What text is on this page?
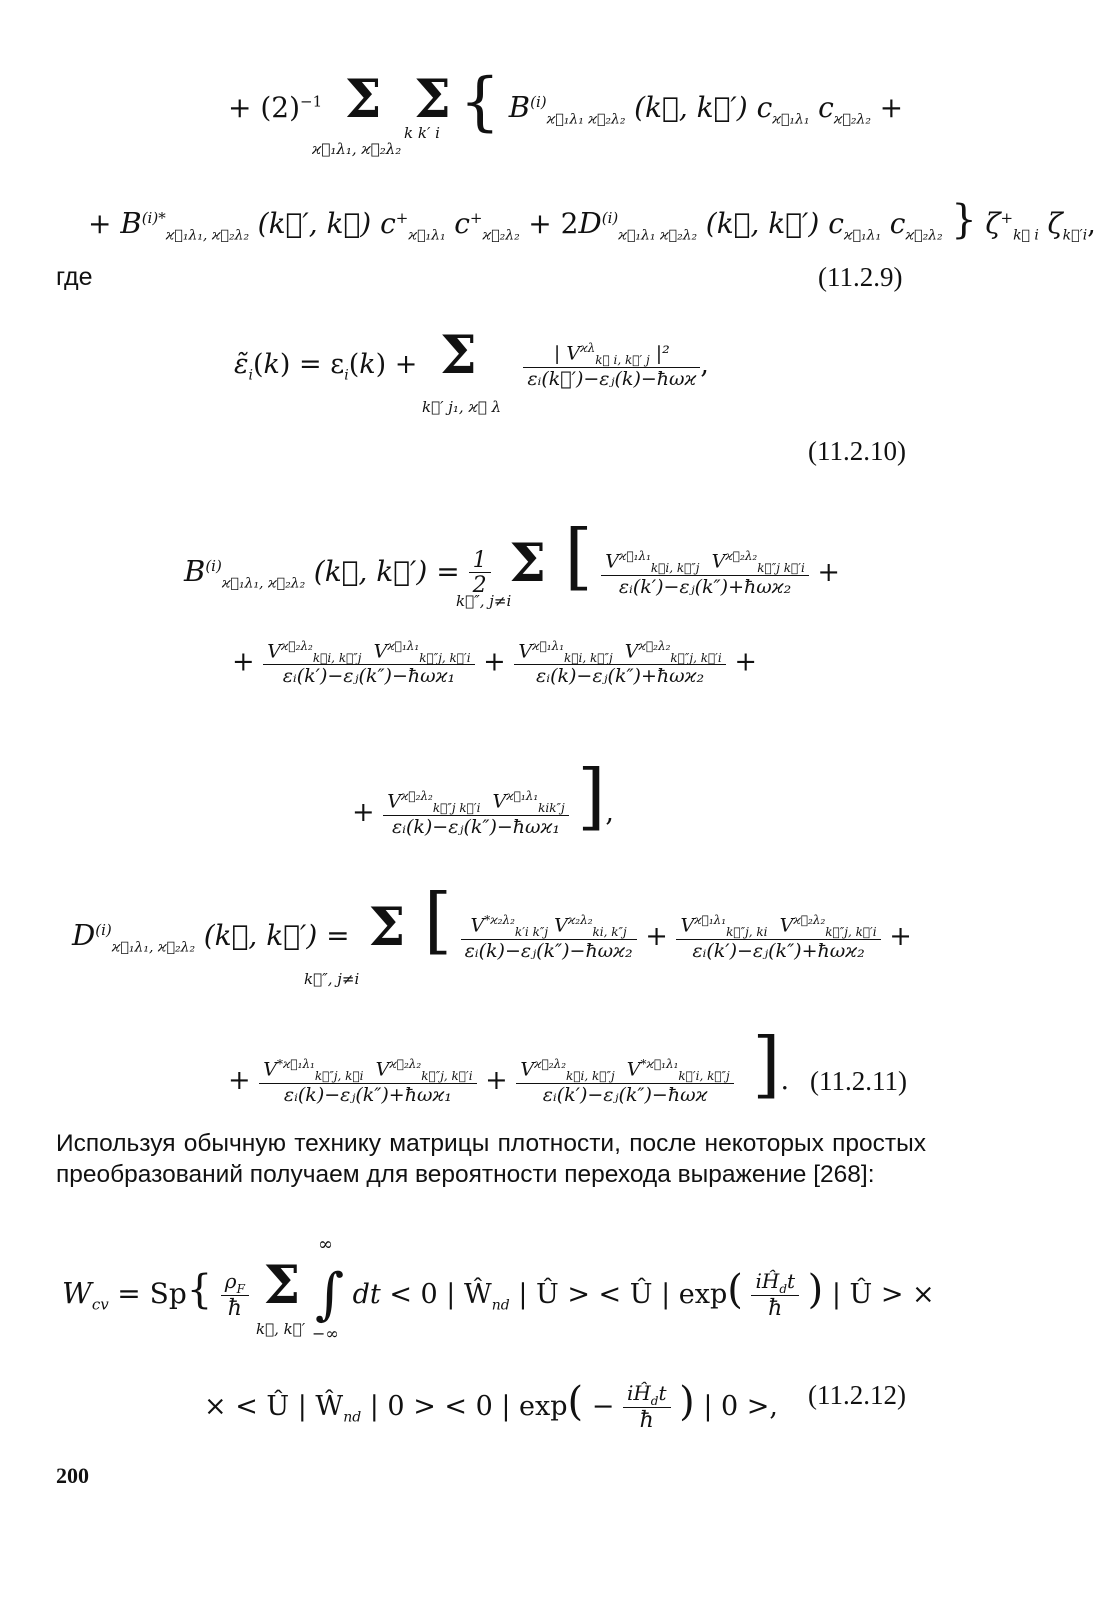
+ $(2)^{-1}$ Σ Σ { $B^{(i)}_{ϰ⃗_1\lambda_1 ϰ⃗_2\lambda_2}$ (k⃗, k⃗′) $c_{ϰ⃗_1\lambda_1}$ $c_{ϰ⃗_2\lambda_2}$ +
ϰ⃗₁λ₁, ϰ⃗₂λ₂
k k′ i
+ $B^{(i)*}_{ϰ⃗_1\lambda_1, ϰ⃗_2\lambda_2}$ (k⃗′, k⃗) $c^+_{ϰ⃗_1\lambda_1}$ $c^+_{ϰ⃗_2\lambda_2} + 2D^{(i)}_{ϰ⃗_1\lambda_1 ϰ⃗_2\lambda_2}$ (k⃗, k⃗′) $c_{ϰ⃗_1\lambda_1}$ $c_{ϰ⃗_2\lambda_2}$ } $\zeta^+_{k⃗ i}$ $\zeta_{k⃗'i}$,
где	(11.2.9)
$\varepsiloñ_i(k) = \varepsilon_i(k) + \Sigma \frac{| V^{ϰ\lambda}_{k⃗ i, k⃗' j} |^2}{\text{εᵢ(k⃗′)−εⱼ(k)−ħωϰ}}$ ,
k⃗′ j₁, ϰ⃗ λ
(11.2.10)
$B^{(i)}_{ϰ⃗_1\lambda_1, ϰ⃗_2\lambda_2}$ (k⃗, k⃗′) = $\frac{1}{2}$ Σ [ $\frac{V^{ϰ⃗_1\lambda_1}_{k⃗i, k⃗''j} V^{ϰ⃗_2\lambda_2}_{k⃗''j k⃗'i}}{\text{εᵢ(k′)−εⱼ(k″)+ħωϰ₂}}$ +
k⃗″, j≠i
+ $\frac{V^{ϰ⃗_2\lambda_2}_{k⃗i, k⃗''j} V^{ϰ⃗_1\lambda_1}_{k⃗''j, k⃗'i}}{\text{εᵢ(k′)−εⱼ(k″)−ħωϰ₁}} + \frac{V^{ϰ⃗_1\lambda_1}_{k⃗i, k⃗''j} V^{ϰ⃗_2\lambda_2}_{k⃗''j, k⃗'i}}{\text{εᵢ(k)−εⱼ(k″)+ħωϰ₂}}$ +
+ $\frac{V^{ϰ⃗_2\lambda_2}_{k⃗''j k⃗'i} V^{ϰ⃗_1\lambda_1}_{kik''j}}{\text{εᵢ(k)−εⱼ(k″)−ħωϰ₁}}$ ],
$D^{(i)}_{ϰ⃗_1\lambda_1, ϰ⃗_2\lambda_2}$ (k⃗, k⃗′) = Σ [ $\frac{V^{*ϰ_2\lambda_2}_{k'i k''j} V^{ϰ_2\lambda_2}_{ki, k''j}}{\text{εᵢ(k)−εⱼ(k″)−ħωϰ₂}} + \frac{V^{ϰ⃗_1\lambda_1}_{k⃗''j, ki} V^{ϰ⃗_2\lambda_2}_{k⃗''j, k⃗'i}}{\text{εᵢ(k′)−εⱼ(k″)+ħωϰ₂}}$ +
k⃗″, j≠i
+ $\frac{V^{*ϰ⃗_1\lambda_1}_{k⃗''j, k⃗i} V^{ϰ⃗_2\lambda_2}_{k⃗''j, k⃗'i}}{\text{εᵢ(k)−εⱼ(k″)+ħωϰ₁}} + \frac{V^{ϰ⃗_2\lambda_2}_{k⃗i, k⃗''j} V^{*ϰ⃗_1\lambda_1}_{k⃗'i, k⃗''j}}{\text{εᵢ(k′)−εⱼ(k″)−ħωϰ}}$ ]. (11.2.11)
Используя обычную технику матрицы плотности, после некоторых простых преобразований получаем для вероятности перехода выражение [268]:
$W_{cv} = Sp\{ \frac{\rho_F}{ħ}$ Σ ∫ dt < 0 | $Ŵ_{nd}$ | Û > < Û | $\exp( \frac{iĤ_dt}{ħ}$ ) | Û > ×
k⃗, k⃗′
∞
−∞
× < Û | $Ŵ_{nd}$ | 0 > < 0 | $\exp( - \frac{iĤ_dt}{ħ}$ ) | 0 >, (11.2.12)
200
